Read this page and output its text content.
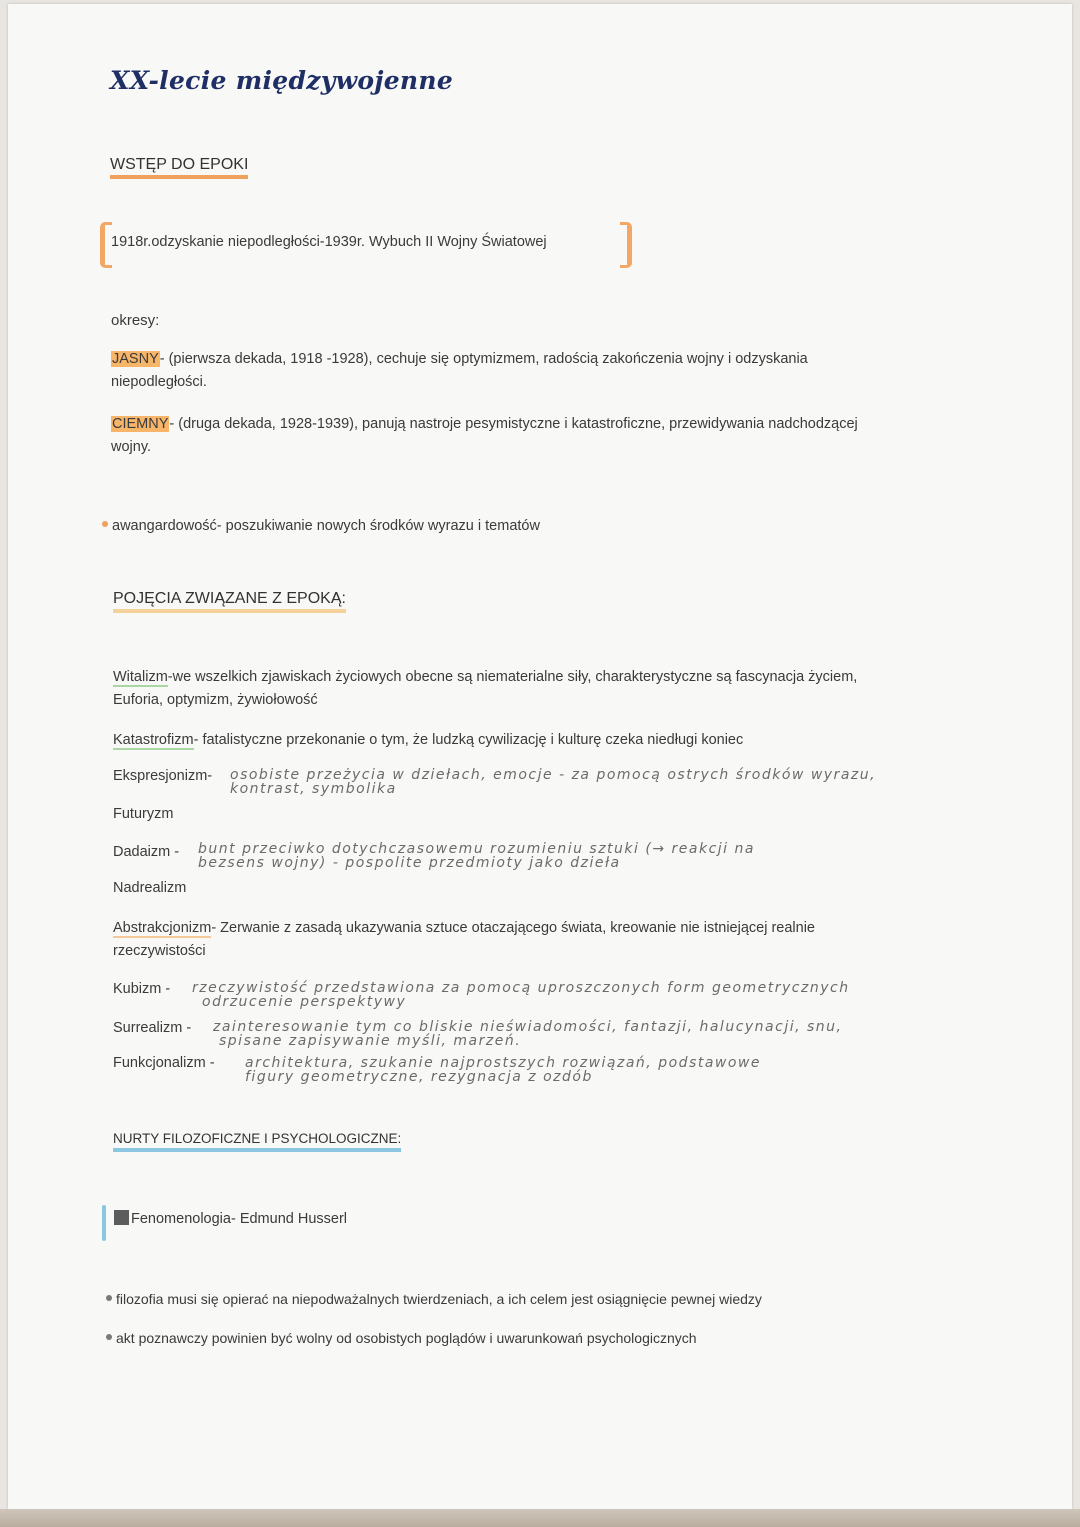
XX-lecie międzywojenne
WSTĘP DO EPOKI
1918r.odzyskanie niepodległości-1939r. Wybuch II Wojny Światowej
okresy:
JASNY- (pierwsza dekada, 1918 -1928), cechuje się optymizmem, radością zakończenia wojny i odzyskania
niepodległości.
CIEMNY- (druga dekada, 1928-1939), panują nastroje pesymistyczne i katastroficzne, przewidywania nadchodzącej
wojny.
awangardowość- poszukiwanie nowych środków wyrazu i tematów
POJĘCIA ZWIĄZANE Z EPOKĄ:
Witalizm-we wszelkich zjawiskach życiowych obecne są niematerialne siły, charakterystyczne są fascynacja życiem,
Euforia, optymizm, żywiołowość
Katastrofizm- fatalistyczne przekonanie o tym, że ludzką cywilizację i kulturę czeka niedługi koniec
Ekspresjonizm- osobiste przeżycia w dziełach, emocje - za pomocą ostrych środków wyrazu,
kontrast, symbolika
Futuryzm
Dadaizm - bunt przeciwko dotychczasowemu rozumieniu sztuki (→ reakcji na
bezsens wojny) - pospolite przedmioty jako dzieła
Nadrealizm
Abstrakcjonizm- Zerwanie z zasadą ukazywania sztuce otaczającego świata, kreowanie nie istniejącej realnie
rzeczywistości
Kubizm - rzeczywistość przedstawiona za pomocą uproszczonych form geometrycznych
odrzucenie perspektywy
Surrealizm - zainteresowanie tym co bliskie nieświadomości, fantazji, halucynacji, snu,
spisane zapisywanie myśli, marzeń.
Funkcjonalizm - architektura, szukanie najprostszych rozwiązań, podstawowe
figury geometryczne, rezygnacja z ozdób
NURTY FILOZOFICZNE I PSYCHOLOGICZNE:
Fenomenologia- Edmund Husserl
filozofia musi się opierać na niepodważalnych twierdzeniach, a ich celem jest osiągnięcie pewnej wiedzy
akt poznawczy powinien być wolny od osobistych poglądów i uwarunkowań psychologicznych
